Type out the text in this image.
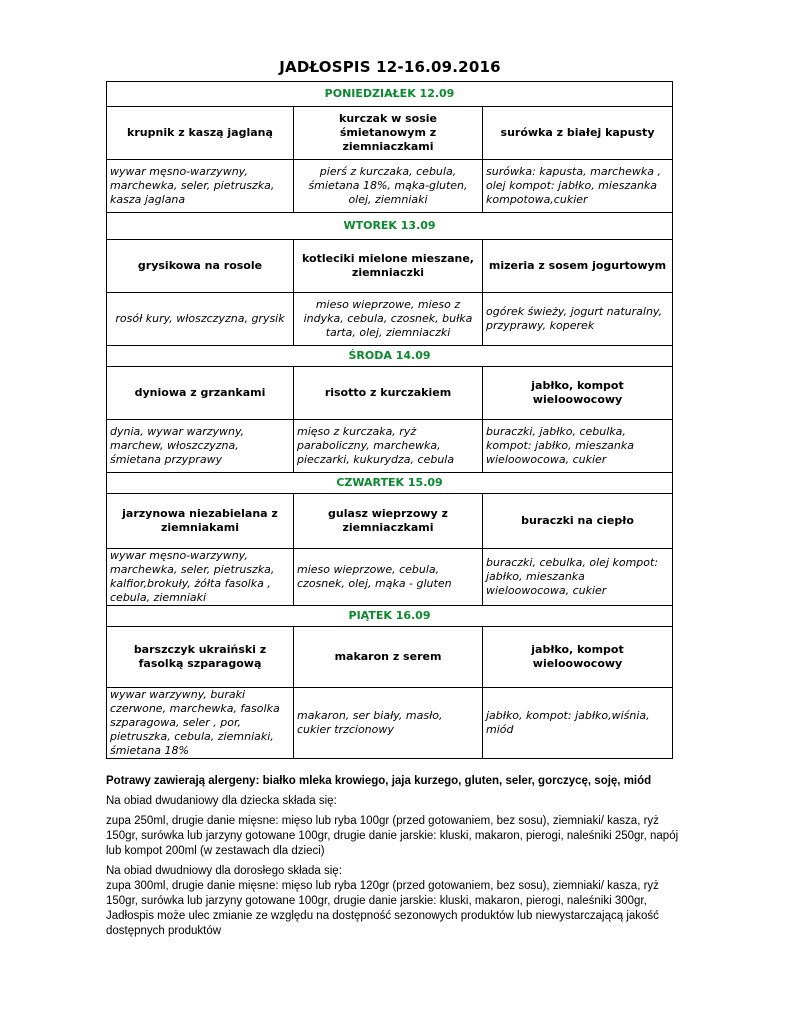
JADŁOSPIS 12-16.09.2016
PONIEDZIAŁEK 12.09		
krupnik z kaszą jaglaną	kurczak w sosie śmietanowym z ziemniaczkami	surówka z białej kapusty
wywar męsno-warzywny, marchewka, seler, pietruszka, kasza jaglana	pierś z kurczaka, cebula, śmietana 18%, mąka-gluten, olej, ziemniaki	surówka: kapusta, marchewka , olej kompot: jabłko, mieszanka kompotowa,cukier
WTOREK 13.09		
grysikowa na rosole	kotleciki mielone mieszane, ziemniaczki	mizeria z sosem jogurtowym
rosół kury, włoszczyzna, grysik	mieso wieprzowe, mieso z indyka, cebula, czosnek, bułka tarta, olej, ziemniaczki	ogórek świeży, jogurt naturalny, przyprawy, koperek
ŚRODA 14.09		
dyniowa z grzankami	risotto z kurczakiem	jabłko, kompot wieloowocowy
dynia, wywar warzywny, marchew, włoszczyzna, śmietana przyprawy	mięso z kurczaka, ryż paraboliczny, marchewka, pieczarki, kukurydza, cebula	buraczki, jabłko, cebulka, kompot: jabłko, mieszanka wieloowocowa, cukier
CZWARTEK 15.09		
jarzynowa niezabielana z ziemniakami	gulasz wieprzowy z ziemniaczkami	buraczki na ciepło
wywar męsno-warzywny, marchewka, seler, pietruszka, kalfior,brokuły, żółta fasolka , cebula, ziemniaki	mieso wieprzowe, cebula, czosnek, olej, mąka - gluten	buraczki, cebulka, olej kompot: jabłko, mieszanka wieloowocowa, cukier
PIĄTEK 16.09		
barszczyk ukraiński z fasolką szparagową	makaron z serem	jabłko, kompot wieloowocowy
wywar warzywny, buraki czerwone, marchewka, fasolka szparagowa, seler , por, pietruszka, cebula, ziemniaki, śmietana 18%	makaron, ser biały, masło, cukier trzcionowy	jabłko, kompot: jabłko,wiśnia, miód

Potrawy zawierają alergeny: białko mleka krowiego, jaja kurzego, gluten, seler, gorczycę, soję, miód

Na obiad dwudaniowy dla dziecka składa się:

zupa 250ml, drugie danie mięsne: mięso lub ryba 100gr (przed gotowaniem, bez sosu), ziemniaki/ kasza, ryż 150gr, surówka lub jarzyny gotowane 100gr, drugie danie jarskie: kluski, makaron, pierogi, naleśniki 250gr, napój lub kompot 200ml (w zestawach dla dzieci)

Na obiad dwudniowy dla dorosłego składa się:

zupa 300ml, drugie danie mięsne: mięso lub ryba 120gr (przed gotowaniem, bez sosu), ziemniaki/ kasza, ryż 150gr, surówka lub jarzyny gotowane 100gr, drugie danie jarskie: kluski, makaron, pierogi, naleśniki 300gr,

Jadłospis może ulec zmianie ze względu na dostępność sezonowych produktów lub niewystarczającą jakość dostępnych produktów
